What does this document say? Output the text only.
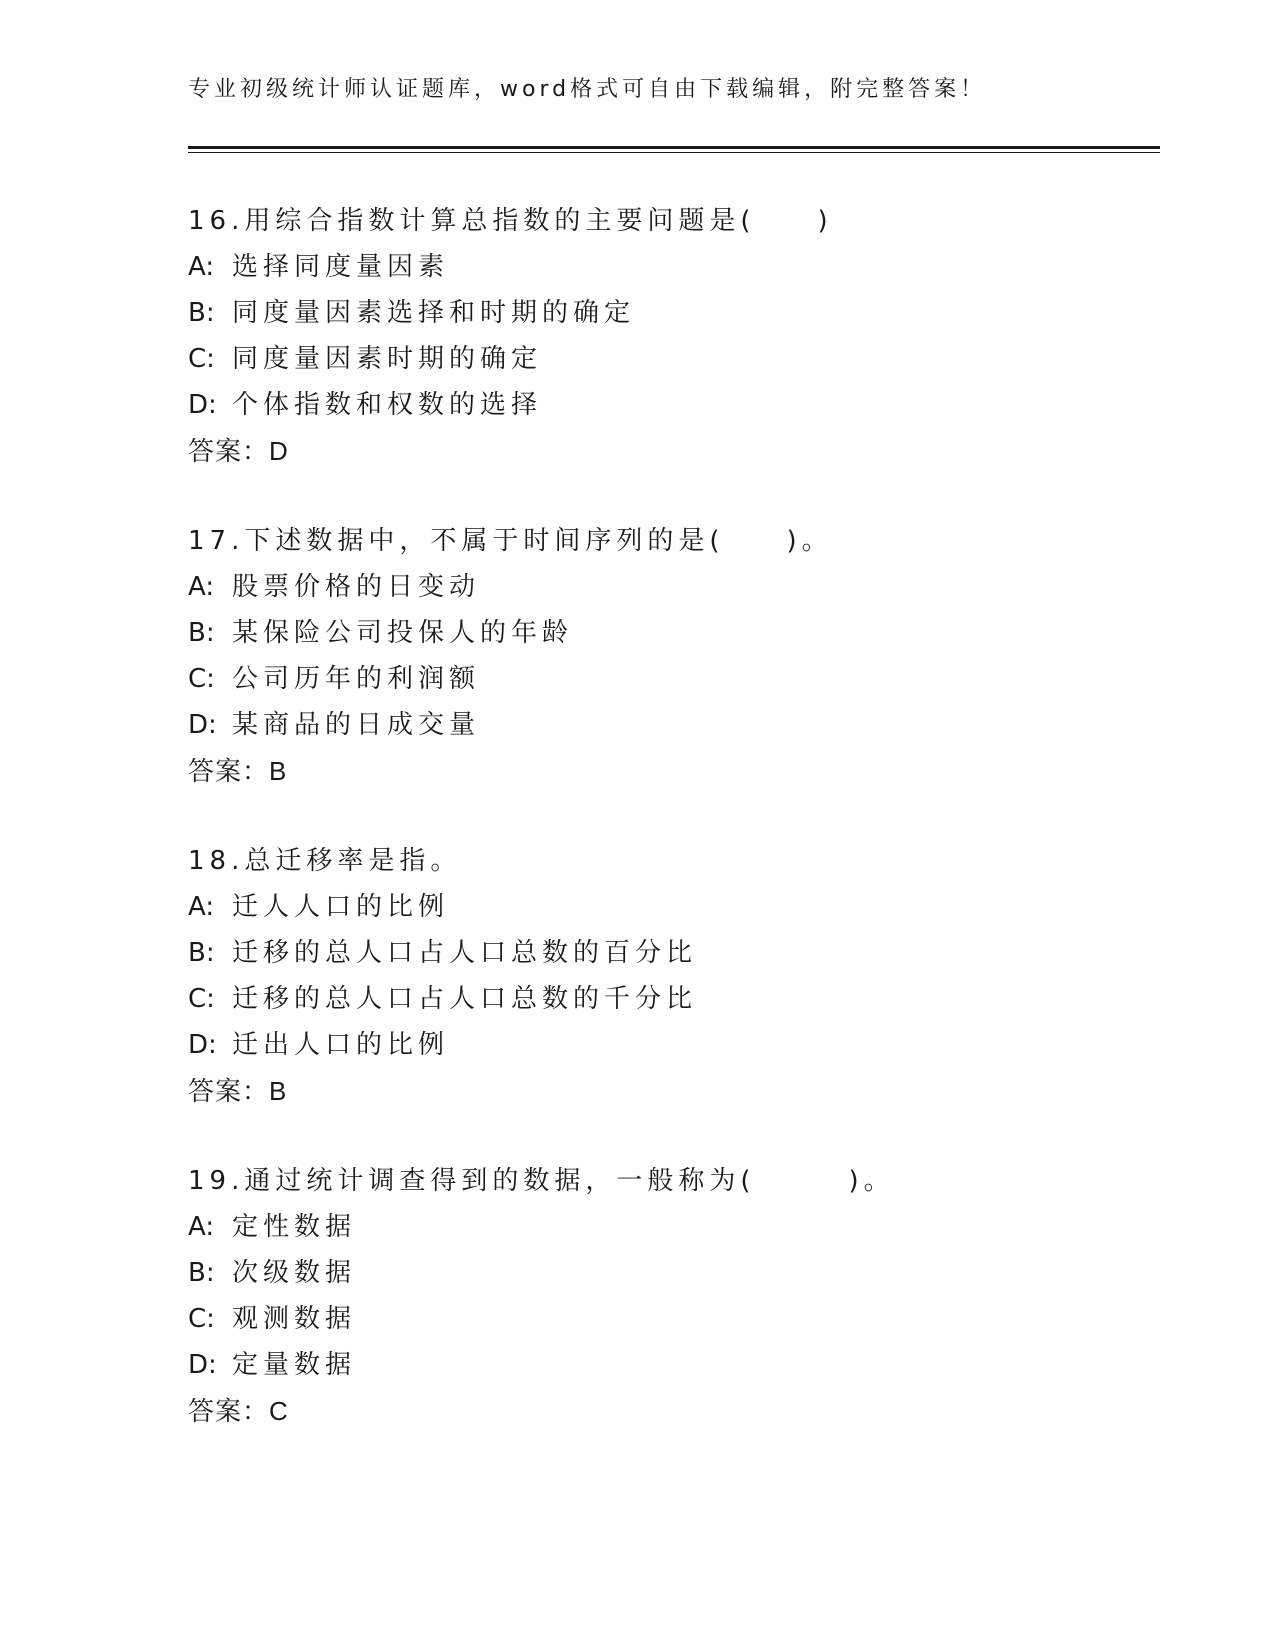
专业初级统计师认证题库，word格式可自由下载编辑，附完整答案！
16.用综合指数计算总指数的主要问题是(　　)
A: 选择同度量因素
B: 同度量因素选择和时期的确定
C: 同度量因素时期的确定
D: 个体指数和权数的选择
答案：D
17.下述数据中，不属于时间序列的是(　　)。
A: 股票价格的日变动
B: 某保险公司投保人的年龄
C: 公司历年的利润额
D: 某商品的日成交量
答案：B
18.总迁移率是指。
A: 迁人人口的比例
B: 迁移的总人口占人口总数的百分比
C: 迁移的总人口占人口总数的千分比
D: 迁出人口的比例
答案：B
19.通过统计调查得到的数据，一般称为(　　　)。
A: 定性数据
B: 次级数据
C: 观测数据
D: 定量数据
答案：C
